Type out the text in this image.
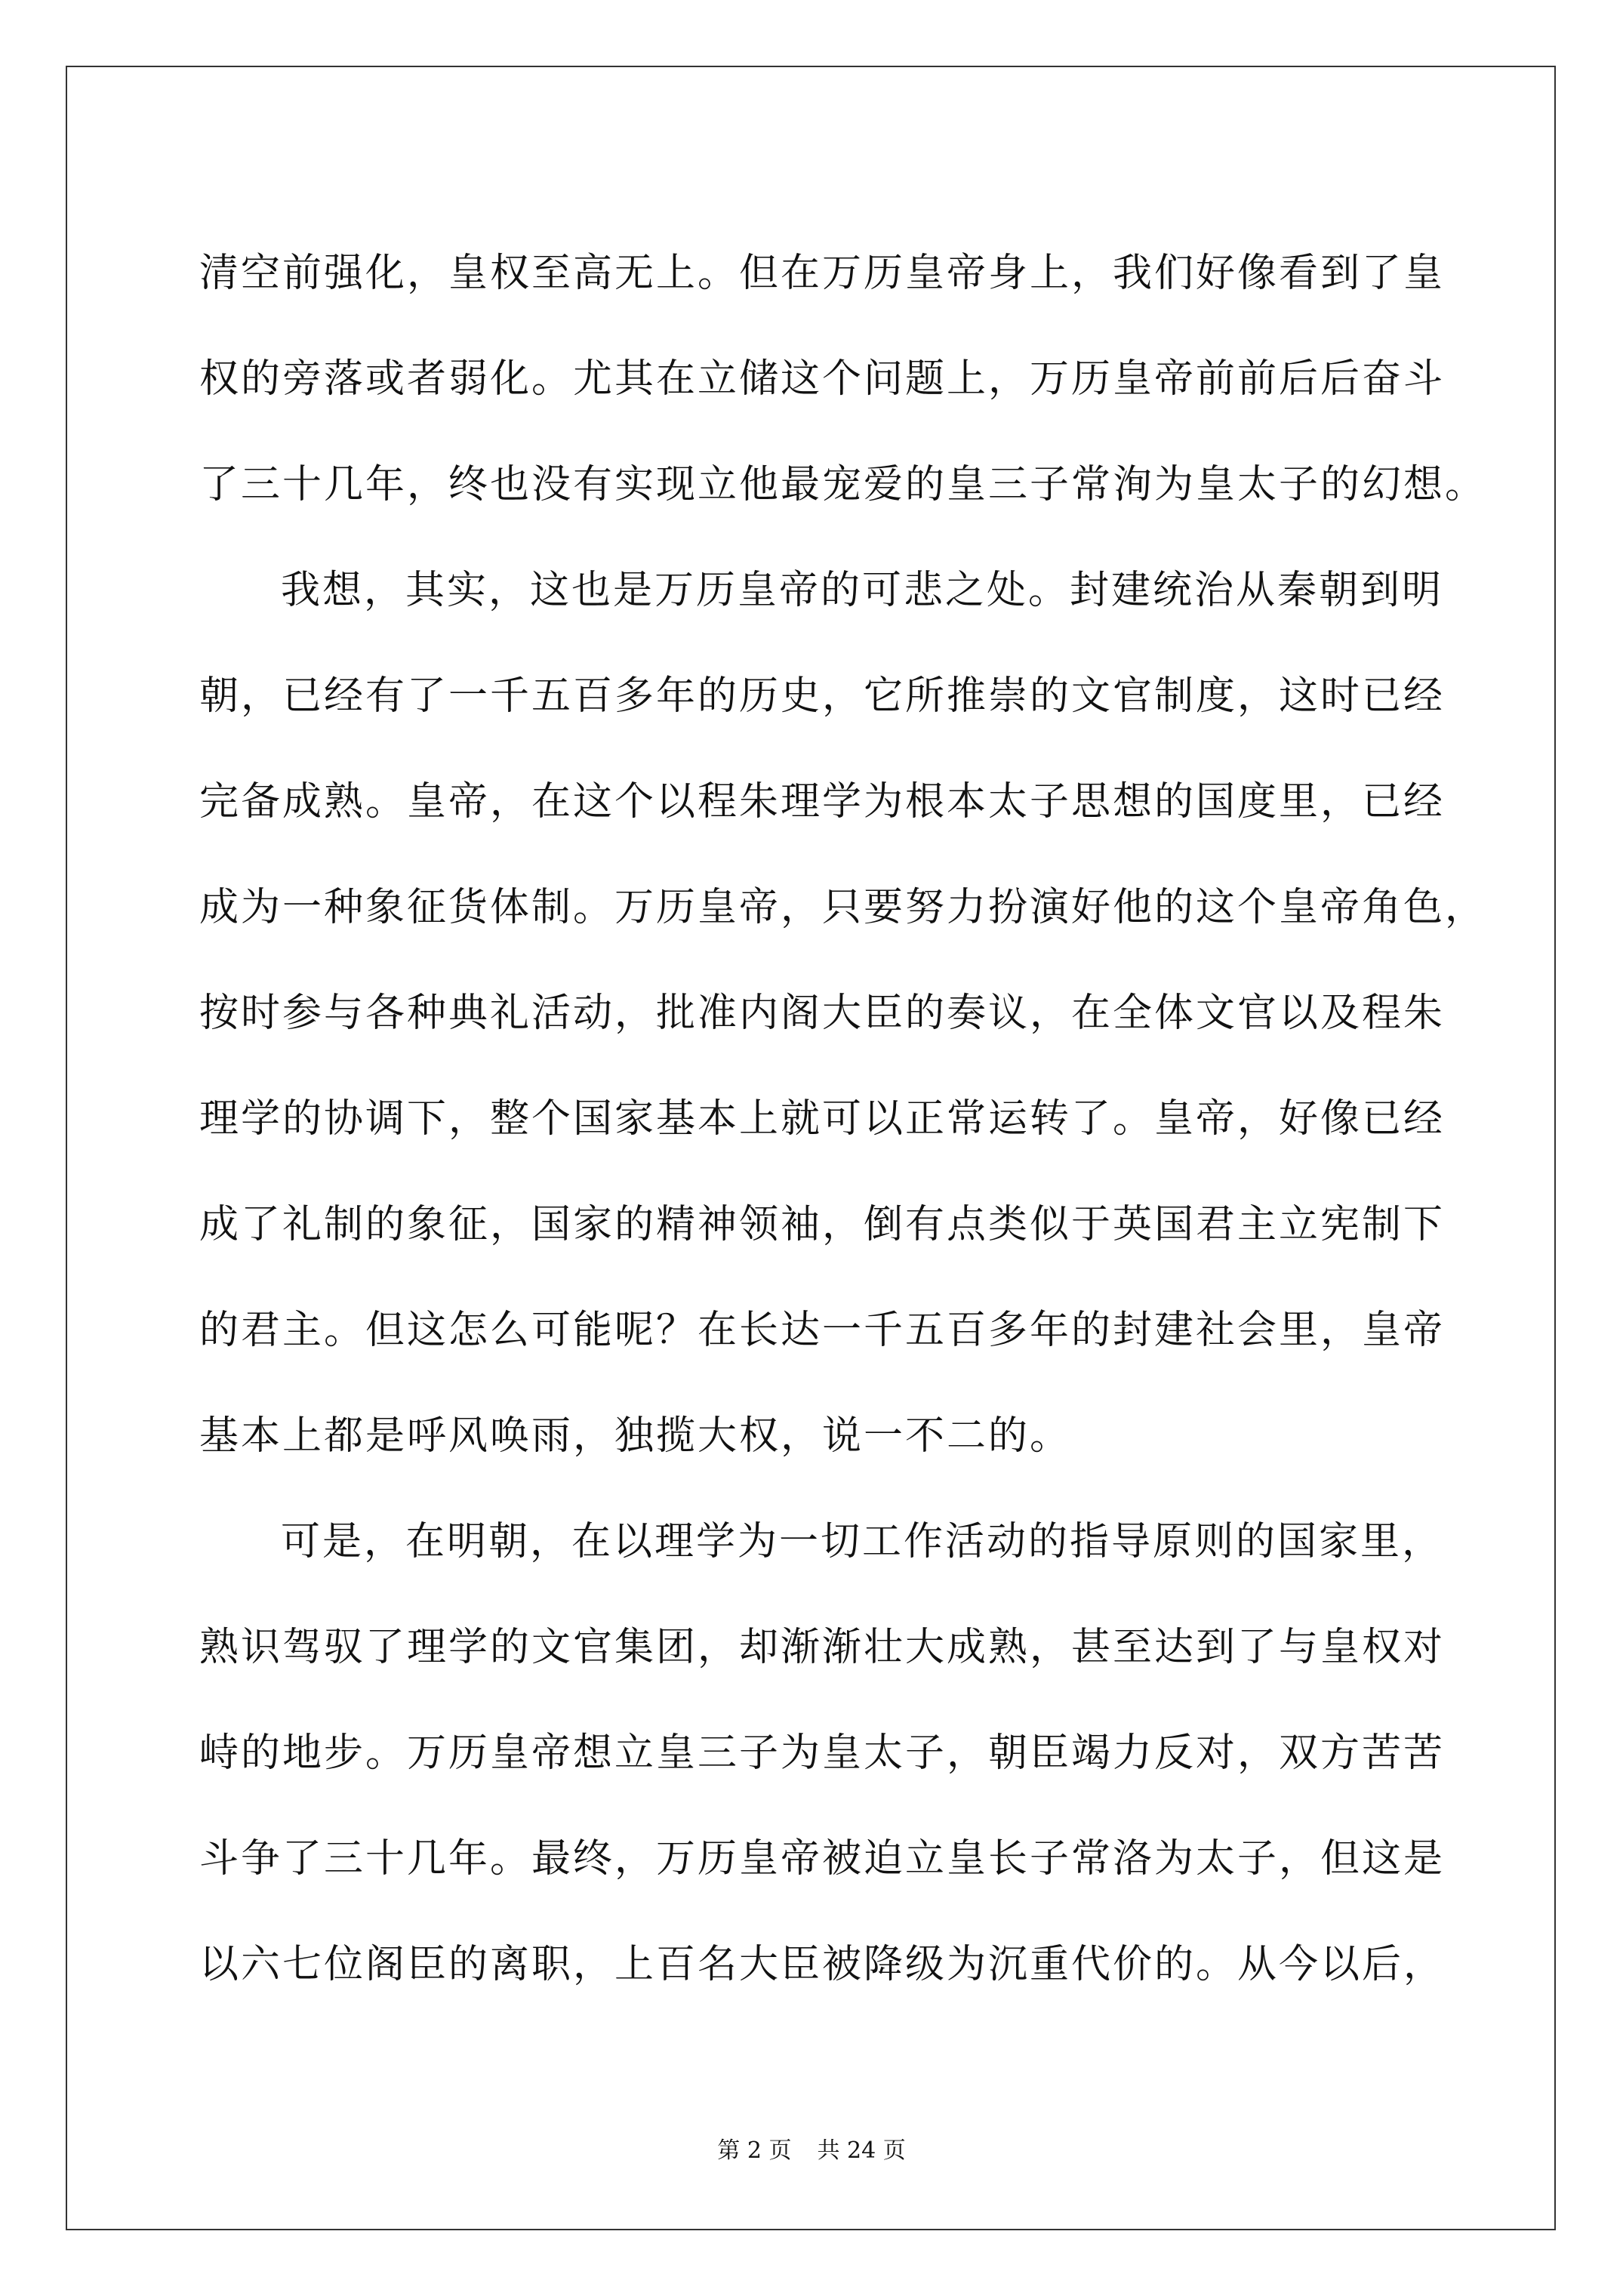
清空前强化，皇权至高无上。但在万历皇帝身上，我们好像看到了皇
权的旁落或者弱化。尤其在立储这个问题上，万历皇帝前前后后奋斗
了三十几年，终也没有实现立他最宠爱的皇三子常洵为皇太子的幻想。
我想，其实，这也是万历皇帝的可悲之处。封建统治从秦朝到明
朝，已经有了一千五百多年的历史，它所推崇的文官制度，这时已经
完备成熟。皇帝，在这个以程朱理学为根本太子思想的国度里，已经
成为一种象征货体制。万历皇帝，只要努力扮演好他的这个皇帝角色，
按时参与各种典礼活动，批准内阁大臣的奏议，在全体文官以及程朱
理学的协调下，整个国家基本上就可以正常运转了。皇帝，好像已经
成了礼制的象征，国家的精神领袖，倒有点类似于英国君主立宪制下
的君主。但这怎么可能呢？在长达一千五百多年的封建社会里，皇帝
基本上都是呼风唤雨，独揽大权，说一不二的。
可是，在明朝，在以理学为一切工作活动的指导原则的国家里，
熟识驾驭了理学的文官集团，却渐渐壮大成熟，甚至达到了与皇权对
峙的地步。万历皇帝想立皇三子为皇太子，朝臣竭力反对，双方苦苦
斗争了三十几年。最终，万历皇帝被迫立皇长子常洛为太子，但这是
以六七位阁臣的离职，上百名大臣被降级为沉重代价的。从今以后，
第 2 页 共 24 页
